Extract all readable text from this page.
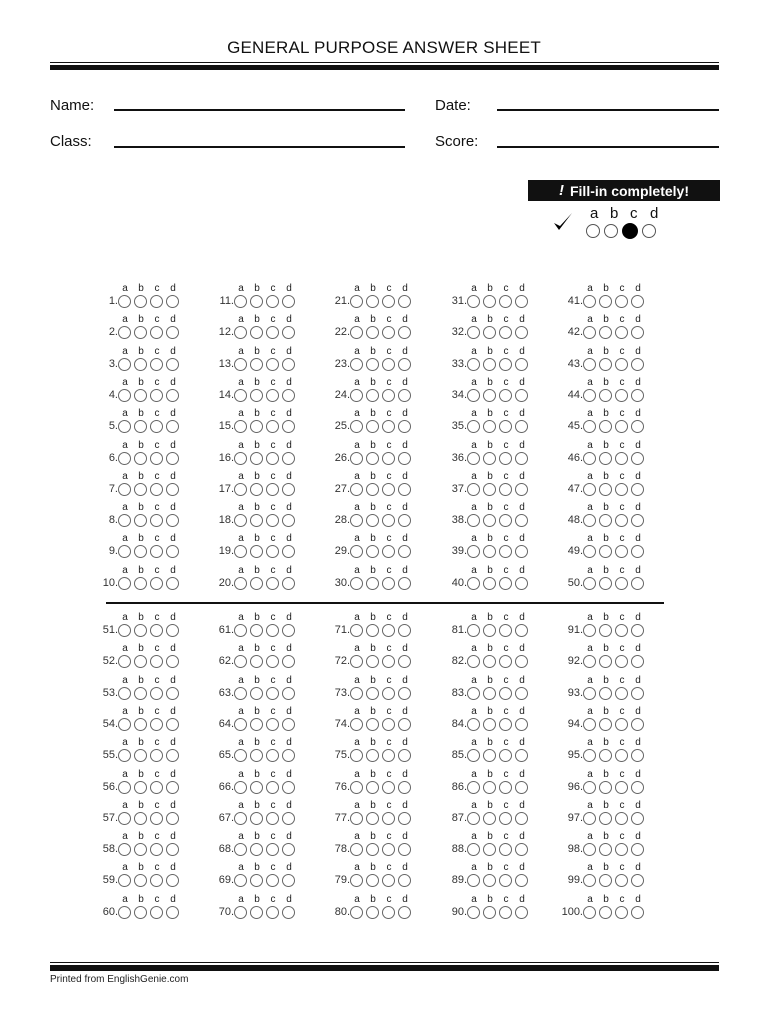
GENERAL PURPOSE ANSWER SHEET
Name:	Date:
Class:	Score:
! Fill-in completely!
a b c d
a	b	c	d
1.
a	b	c	d
2.
a	b	c	d
3.
a	b	c	d
4.
a	b	c	d
5.
a	b	c	d
6.
a	b	c	d
7.
a	b	c	d
8.
a	b	c	d
9.
a	b	c	d
10.
a	b	c	d
11.
a	b	c	d
12.
a	b	c	d
13.
a	b	c	d
14.
a	b	c	d
15.
a	b	c	d
16.
a	b	c	d
17.
a	b	c	d
18.
a	b	c	d
19.
a	b	c	d
20.
a	b	c	d
21.
a	b	c	d
22.
a	b	c	d
23.
a	b	c	d
24.
a	b	c	d
25.
a	b	c	d
26.
a	b	c	d
27.
a	b	c	d
28.
a	b	c	d
29.
a	b	c	d
30.
a	b	c	d
31.
a	b	c	d
32.
a	b	c	d
33.
a	b	c	d
34.
a	b	c	d
35.
a	b	c	d
36.
a	b	c	d
37.
a	b	c	d
38.
a	b	c	d
39.
a	b	c	d
40.
a	b	c	d
41.
a	b	c	d
42.
a	b	c	d
43.
a	b	c	d
44.
a	b	c	d
45.
a	b	c	d
46.
a	b	c	d
47.
a	b	c	d
48.
a	b	c	d
49.
a	b	c	d
50.
a	b	c	d
51.
a	b	c	d
52.
a	b	c	d
53.
a	b	c	d
54.
a	b	c	d
55.
a	b	c	d
56.
a	b	c	d
57.
a	b	c	d
58.
a	b	c	d
59.
a	b	c	d
60.
a	b	c	d
61.
a	b	c	d
62.
a	b	c	d
63.
a	b	c	d
64.
a	b	c	d
65.
a	b	c	d
66.
a	b	c	d
67.
a	b	c	d
68.
a	b	c	d
69.
a	b	c	d
70.
a	b	c	d
71.
a	b	c	d
72.
a	b	c	d
73.
a	b	c	d
74.
a	b	c	d
75.
a	b	c	d
76.
a	b	c	d
77.
a	b	c	d
78.
a	b	c	d
79.
a	b	c	d
80.
a	b	c	d
81.
a	b	c	d
82.
a	b	c	d
83.
a	b	c	d
84.
a	b	c	d
85.
a	b	c	d
86.
a	b	c	d
87.
a	b	c	d
88.
a	b	c	d
89.
a	b	c	d
90.
a	b	c	d
91.
a	b	c	d
92.
a	b	c	d
93.
a	b	c	d
94.
a	b	c	d
95.
a	b	c	d
96.
a	b	c	d
97.
a	b	c	d
98.
a	b	c	d
99.
a	b	c	d
100.
Printed from EnglishGenie.com
